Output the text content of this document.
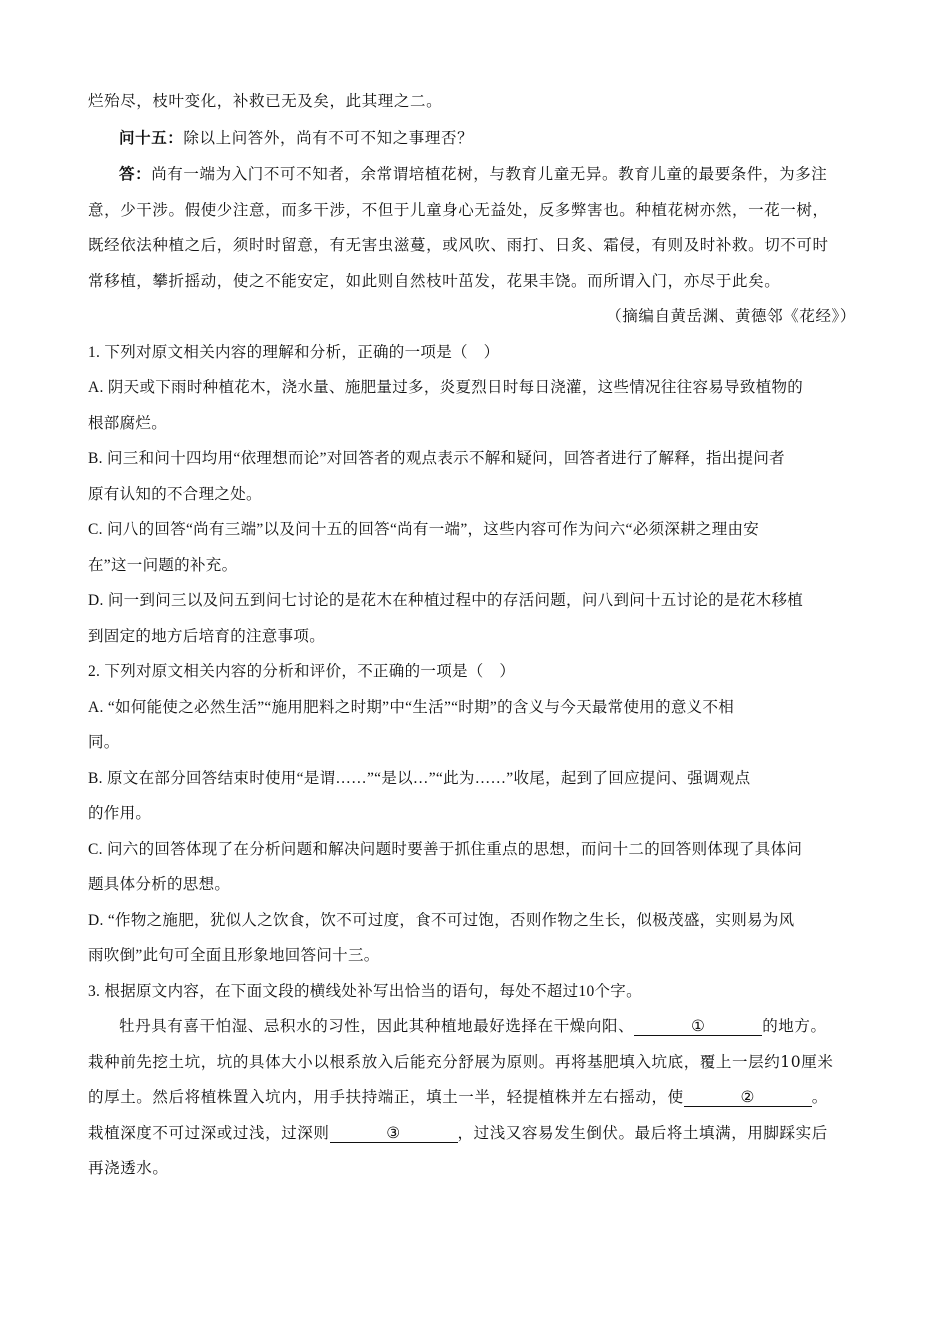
烂殆尽，枝叶变化，补救已无及矣，此其理之二。
问十五：除以上问答外，尚有不可不知之事理否？
答：尚有一端为入门不可不知者，余常谓培植花树，与教育儿童无异。教育儿童的最要条件，为多注
意，少干涉。假使少注意，而多干涉，不但于儿童身心无益处，反多弊害也。种植花树亦然，一花一树，
既经依法种植之后，须时时留意，有无害虫滋蔓，或风吹、雨打、日炙、霜侵，有则及时补救。切不可时
常移植，攀折摇动，使之不能安定，如此则自然枝叶茁发，花果丰饶。而所谓入门，亦尽于此矣。
（摘编自黄岳渊、黄德邻《花经》）
1. 下列对原文相关内容的理解和分析，正确的一项是（　）
A. 阴天或下雨时种植花木，浇水量、施肥量过多，炎夏烈日时每日浇灌，这些情况往往容易导致植物的
根部腐烂。
B. 问三和问十四均用“依理想而论”对回答者的观点表示不解和疑问，回答者进行了解释，指出提问者
原有认知的不合理之处。
C. 问八的回答“尚有三端”以及问十五的回答“尚有一端”，这些内容可作为问六“必须深耕之理由安
在”这一问题的补充。
D. 问一到问三以及问五到问七讨论的是花木在种植过程中的存活问题，问八到问十五讨论的是花木移植
到固定的地方后培育的注意事项。
2. 下列对原文相关内容的分析和评价，不正确的一项是（　）
A. “如何能使之必然生活”“施用肥料之时期”中“生活”“时期”的含义与今天最常使用的意义不相
同。
B. 原文在部分回答结束时使用“是谓……”“是以…”“此为……”收尾，起到了回应提问、强调观点
的作用。
C. 问六的回答体现了在分析问题和解决问题时要善于抓住重点的思想，而问十二的回答则体现了具体问
题具体分析的思想。
D. “作物之施肥，犹似人之饮食，饮不可过度，食不可过饱，否则作物之生长，似极茂盛，实则易为风
雨吹倒”此句可全面且形象地回答问十三。
3. 根据原文内容，在下面文段的横线处补写出恰当的语句，每处不超过10个字。
牡丹具有喜干怕湿、忌积水的习性，因此其种植地最好选择在干燥向阳、	①	的地方。
栽种前先挖土坑，坑的具体大小以根系放入后能充分舒展为原则。再将基肥填入坑底，覆上一层约10厘米
的厚土。然后将植株置入坑内，用手扶持端正，填土一半，轻提植株并左右摇动，使	②	。
栽植深度不可过深或过浅，过深则	③	，过浅又容易发生倒伏。最后将土填满，用脚踩实后
再浇透水。
